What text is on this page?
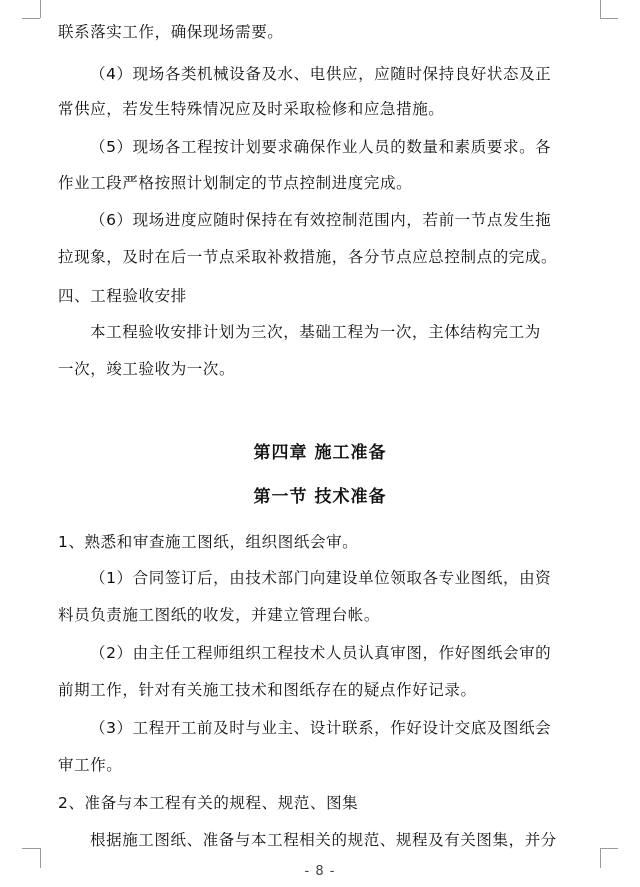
联系落实工作，确保现场需要。
（4）现场各类机械设备及水、电供应，应随时保持良好状态及正
常供应，若发生特殊情况应及时采取检修和应急措施。
（5）现场各工程按计划要求确保作业人员的数量和素质要求。各
作业工段严格按照计划制定的节点控制进度完成。
（6）现场进度应随时保持在有效控制范围内，若前一节点发生拖
拉现象，及时在后一节点采取补救措施，各分节点应总控制点的完成。
四、工程验收安排
本工程验收安排计划为三次，基础工程为一次，主体结构完工为
一次，竣工验收为一次。
第四章 施工准备
第一节 技术准备
1、熟悉和审查施工图纸，组织图纸会审。
（1）合同签订后，由技术部门向建设单位领取各专业图纸，由资
料员负责施工图纸的收发，并建立管理台帐。
（2）由主任工程师组织工程技术人员认真审图，作好图纸会审的
前期工作，针对有关施工技术和图纸存在的疑点作好记录。
（3）工程开工前及时与业主、设计联系，作好设计交底及图纸会
审工作。
2、准备与本工程有关的规程、规范、图集
根据施工图纸、准备与本工程相关的规范、规程及有关图集，并分
- 8 -
